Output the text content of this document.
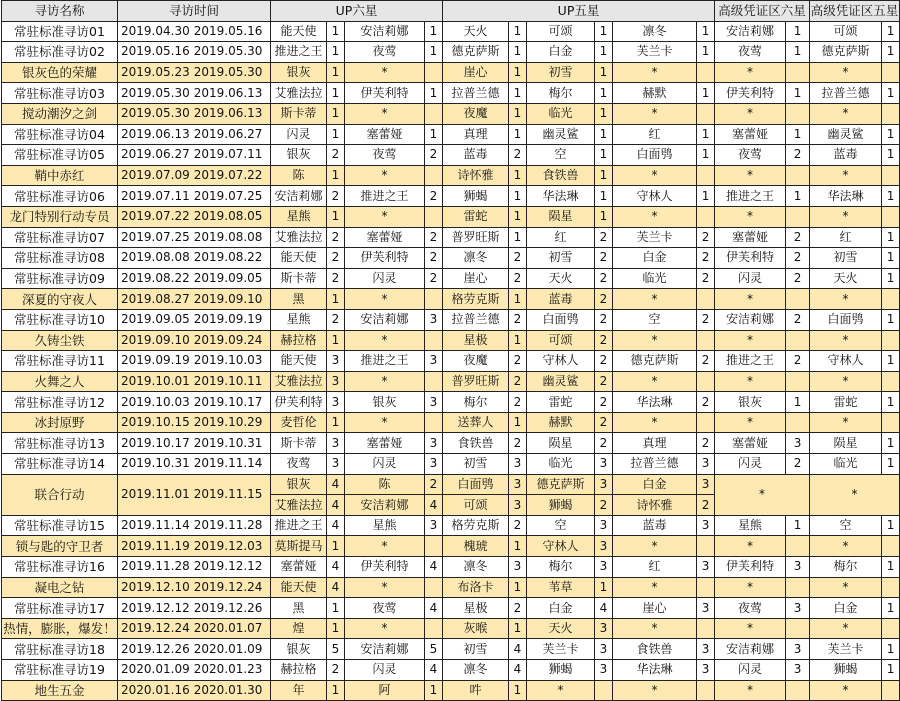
寻访名称	寻访时间	UP六星				UP五星						高级凭证区六星		高级凭证区五星	
常驻标准寻访01	2019.04.30 2019.05.16	能天使	1	安洁莉娜	1	天火	1	可颂	1	凛冬	1	安洁莉娜	1	可颂	1
常驻标准寻访02	2019.05.16 2019.05.30	推进之王	1	夜莺	1	德克萨斯	1	白金	1	芙兰卡	1	夜莺	1	德克萨斯	1
银灰色的荣耀	2019.05.23 2019.05.30	银灰	1	*		崖心	1	初雪	1	*		*		*	
常驻标准寻访03	2019.05.30 2019.06.13	艾雅法拉	1	伊芙利特	1	拉普兰德	1	梅尔	1	赫默	1	伊芙利特	1	拉普兰德	1
搅动潮汐之剑	2019.05.30 2019.06.13	斯卡蒂	1	*		夜魔	1	临光	1	*		*		*	
常驻标准寻访04	2019.06.13 2019.06.27	闪灵	1	塞蕾娅	1	真理	1	幽灵鲨	1	红	1	塞蕾娅	1	幽灵鲨	1
常驻标准寻访05	2019.06.27 2019.07.11	银灰	2	夜莺	2	蓝毒	2	空	1	白面鸮	1	夜莺	2	蓝毒	1
鞘中赤红	2019.07.09 2019.07.22	陈	1	*		诗怀雅	1	食铁兽	1	*		*		*	
常驻标准寻访06	2019.07.11 2019.07.25	安洁莉娜	2	推进之王	2	狮蝎	1	华法琳	1	守林人	1	推进之王	1	华法琳	1
龙门特别行动专员	2019.07.22 2019.08.05	星熊	1	*		雷蛇	1	陨星	1	*		*		*	
常驻标准寻访07	2019.07.25 2019.08.08	艾雅法拉	2	塞蕾娅	2	普罗旺斯	1	红	2	芙兰卡	2	塞蕾娅	2	红	1
常驻标准寻访08	2019.08.08 2019.08.22	能天使	2	伊芙利特	2	凛冬	2	初雪	2	白金	2	伊芙利特	2	初雪	1
常驻标准寻访09	2019.08.22 2019.09.05	斯卡蒂	2	闪灵	2	崖心	2	天火	2	临光	2	闪灵	2	天火	1
深夏的守夜人	2019.08.27 2019.09.10	黑	1	*		格劳克斯	1	蓝毒	2	*		*		*	
常驻标准寻访10	2019.09.05 2019.09.19	星熊	2	安洁莉娜	3	拉普兰德	2	白面鸮	2	空	2	安洁莉娜	2	白面鸮	1
久铸尘铁	2019.09.10 2019.09.24	赫拉格	1	*		星极	1	可颂	2	*		*		*	
常驻标准寻访11	2019.09.19 2019.10.03	能天使	3	推进之王	3	夜魔	2	守林人	2	德克萨斯	2	推进之王	2	守林人	1
火舞之人	2019.10.01 2019.10.11	艾雅法拉	3	*		普罗旺斯	2	幽灵鲨	2	*		*		*	
常驻标准寻访12	2019.10.03 2019.10.17	伊芙利特	3	银灰	3	梅尔	2	雷蛇	2	华法琳	2	银灰	1	雷蛇	1
冰封原野	2019.10.15 2019.10.29	麦哲伦	1	*		送葬人	1	赫默	2	*		*		*	
常驻标准寻访13	2019.10.17 2019.10.31	斯卡蒂	3	塞蕾娅	3	食铁兽	2	陨星	2	真理	2	塞蕾娅	3	陨星	1
常驻标准寻访14	2019.10.31 2019.11.14	夜莺	3	闪灵	3	初雪	3	临光	3	拉普兰德	3	闪灵	2	临光	1
联合行动	2019.11.01 2019.11.15	银灰	4	陈	2	白面鸮	3	德克萨斯	3	白金	3	*		*	
		艾雅法拉	4	安洁莉娜	4	可颂	3	狮蝎	2	诗怀雅	2				
常驻标准寻访15	2019.11.14 2019.11.28	推进之王	4	星熊	3	格劳克斯	2	空	3	蓝毒	3	星熊	1	空	1
锁与匙的守卫者	2019.11.19 2019.12.03	莫斯提马	1	*		槐琥	1	守林人	3	*		*		*	
常驻标准寻访16	2019.11.28 2019.12.12	塞蕾娅	4	伊芙利特	4	凛冬	3	梅尔	3	红	3	伊芙利特	3	梅尔	1
凝电之钻	2019.12.10 2019.12.24	能天使	4	*		布洛卡	1	苇草	1	*		*		*	
常驻标准寻访17	2019.12.12 2019.12.26	黑	1	夜莺	4	星极	2	白金	4	崖心	3	夜莺	3	白金	1
热情，膨胀，爆发！	2019.12.24 2020.01.07	煌	1	*		灰喉	1	天火	3	*		*		*	
常驻标准寻访18	2019.12.26 2020.01.09	银灰	5	安洁莉娜	5	初雪	4	芙兰卡	3	食铁兽	3	安洁莉娜	3	芙兰卡	1
常驻标准寻访19	2020.01.09 2020.01.23	赫拉格	2	闪灵	4	凛冬	4	狮蝎	3	华法琳	3	闪灵	3	狮蝎	1
地生五金	2020.01.16 2020.01.30	年	1	阿	1	吽	1	*		*		*		*	
